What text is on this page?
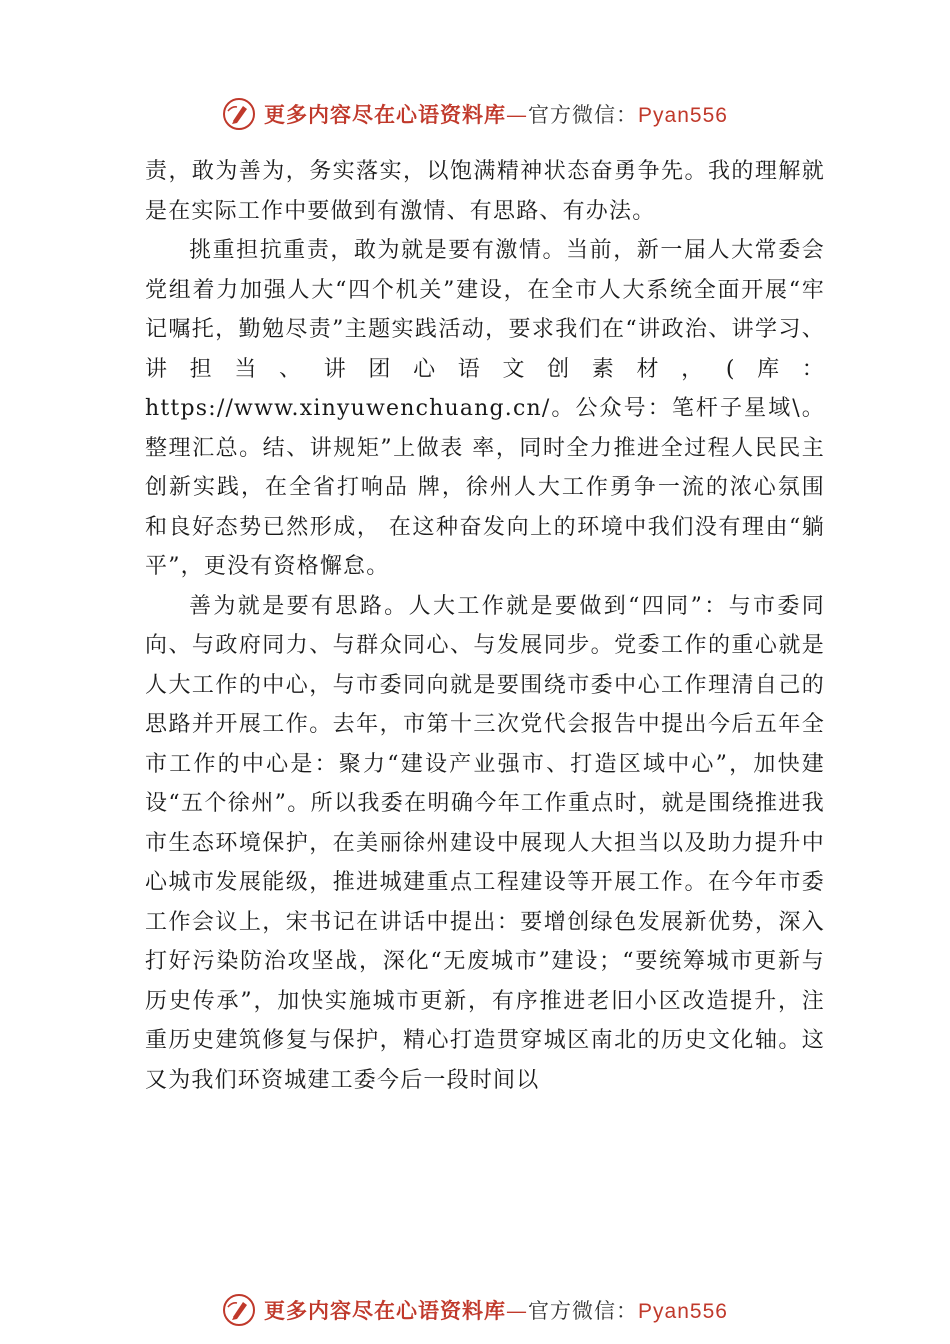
更多内容尽在心语资料库—官方微信：Pyan556

责，敢为善为，务实落实，以饱满精神状态奋勇争先。我的理解就是在实际工作中要做到有激情、有思路、有办法。

挑重担抗重责，敢为就是要有激情。当前，新一届人大常委会党组着力加强人大“四个机关”建设，在全市人大系统全面开展“牢记嘱托，勤勉尽责”主题实践活动，要求我们在“讲政治、讲学习、讲担当、讲团心语文创素材，(库：https://www.xinyuwenchuang.cn/。公众号：笔杆子星域\。整理汇总。结、讲规矩”上做表 率，同时全力推进全过程人民民主创新实践，在全省打响品 牌，徐州人大工作勇争一流的浓心氛围和良好态势已然形成， 在这种奋发向上的环境中我们没有理由“躺平”，更没有资格懈怠。

善为就是要有思路。人大工作就是要做到“四同”：与市委同向、与政府同力、与群众同心、与发展同步。党委工作的重心就是人大工作的中心，与市委同向就是要围绕市委中心工作理清自己的思路并开展工作。去年，市第十三次党代会报告中提出今后五年全市工作的中心是：聚力“建设产业强市、打造区域中心”，加快建设“五个徐州”。所以我委在明确今年工作重点时，就是围绕推进我市生态环境保护，在美丽徐州建设中展现人大担当以及助力提升中心城市发展能级，推进城建重点工程建设等开展工作。在今年市委工作会议上，宋书记在讲话中提出：要增创绿色发展新优势，深入打好污染防治攻坚战，深化“无废城市”建设；“要统筹城市更新与历史传承”，加快实施城市更新，有序推进老旧小区改造提升，注重历史建筑修复与保护，精心打造贯穿城区南北的历史文化轴。这又为我们环资城建工委今后一段时间以

更多内容尽在心语资料库—官方微信：Pyan556
